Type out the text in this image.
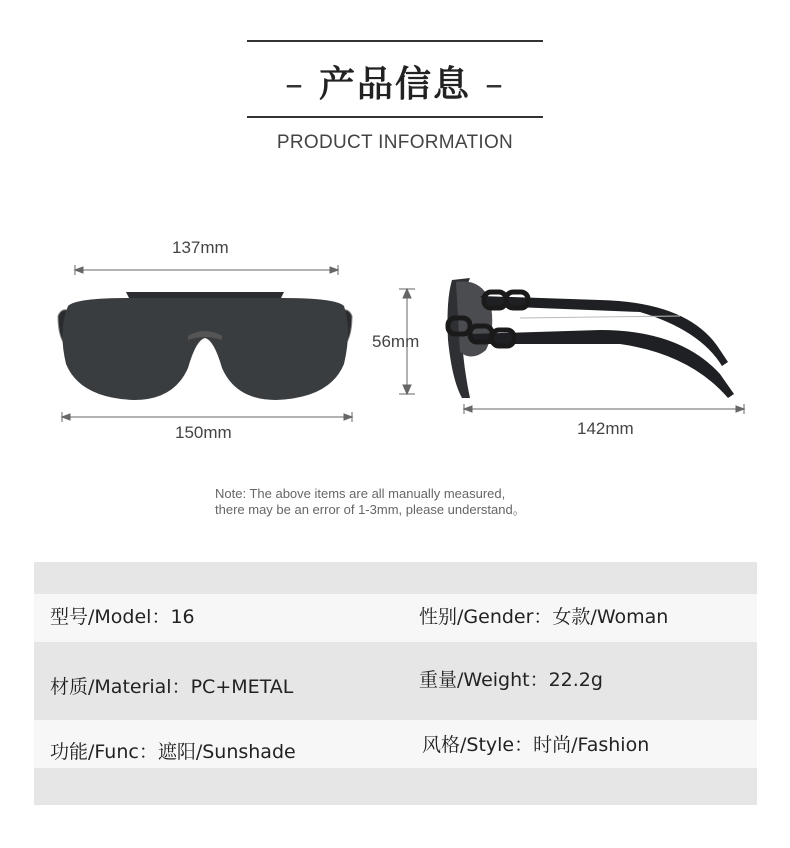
– 产品信息 –
PRODUCT INFORMATION
137mm
150mm
56mm
142mm
Note: The above items are all manually measured,
there may be an error of 1-3mm, please understand。
型号/Model：16	性别/Gender：女款/Woman
材质/Material：PC+METAL	重量/Weight：22.2g
功能/Func：遮阳/Sunshade	风格/Style：时尚/Fashion
